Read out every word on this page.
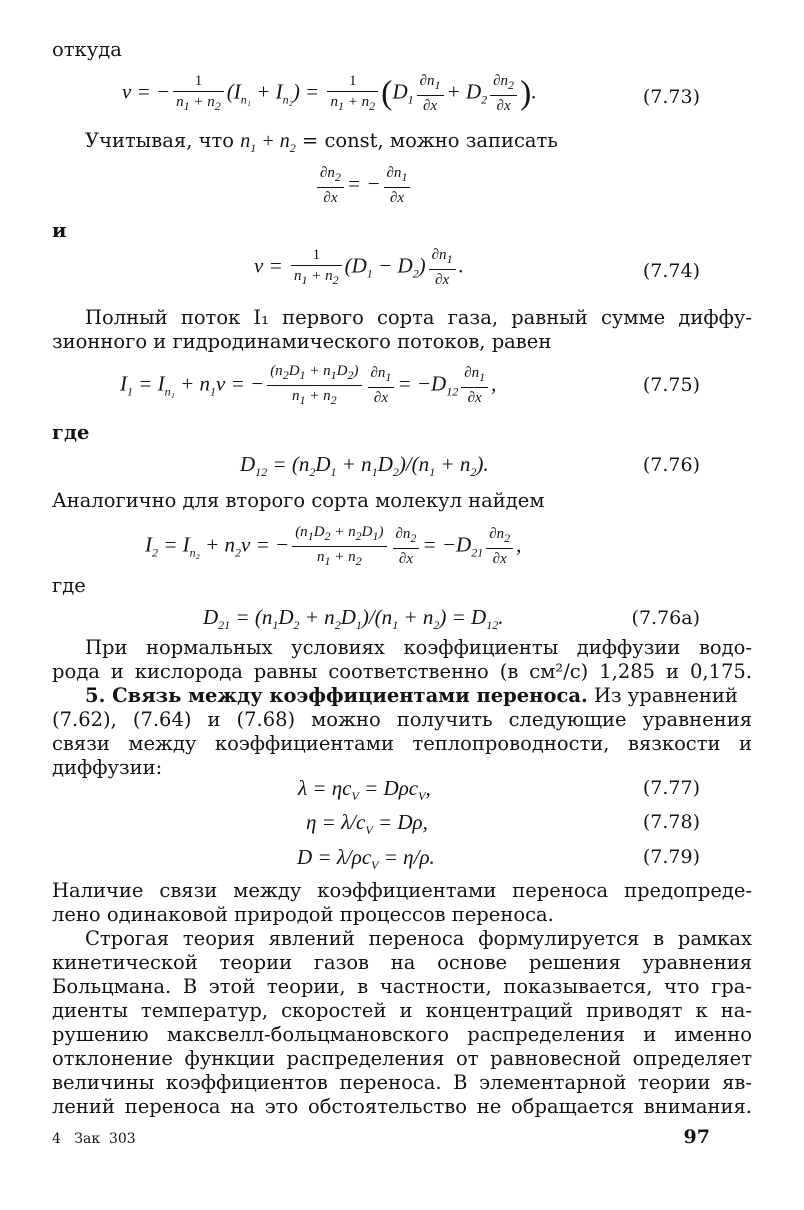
откуда
v = − $\frac{1}{n_1 + n_2} (I_{n_1} + I_{n_2}) = \frac{1}{n_1 + n_2} (D_1 \frac{\partial n_1}{\partial x} + D_2 \frac{\partial n_2}{\partial x}$ ).	(7.73)
Учитывая, что $n_1 + n_2$ = const, можно записать
$\frac{\partial n_2}{\partial x}$ = − $\frac{\partial n_1}{\partial x}$
и
$v = \frac{1}{n_1 + n_2} (D_1 - D_2) \frac{\partial n_1}{\partial x}$ .	(7.74)
Полный поток I₁ первого сорта газа, равный сумме диффу-
зионного и гидродинамического потоков, равен
$I_1 = I_{n_1} + n_1v$ = − $\frac{(n_2D_1 + n_1D_2)}{n_1 + n_2} \frac{\partial n_1}{\partial x} = -D_{12} \frac{\partial n_1}{\partial x}$ ,	(7.75)
где
$D_{12} = (n_2D_1 + n_1D_2)/(n_1 + n_2)$.	(7.76)
Аналогично для второго сорта молекул найдем
$I_2 = I_{n_2} + n_2v$ = − $\frac{(n_1D_2 + n_2D_1)}{n_1 + n_2} \frac{\partial n_2}{\partial x} = -D_{21} \frac{\partial n_2}{\partial x}$ ,
где
$D_{21} = (n_1D_2 + n_2D_1)/(n_1 + n_2) = D_{12}$.	(7.76а)
При нормальных условиях коэффициенты диффузии водо-
рода и кислорода равны соответственно (в см²/с) 1,285 и 0,175.
5. Связь между коэффициентами переноса. Из уравнений
(7.62), (7.64) и (7.68) можно получить следующие уравнения
связи между коэффициентами теплопроводности, вязкости и
диффузии:
$\lambda = \eta c_V = D\rho c_V$,	(7.77)
$\eta = \lambda/c_V = D\rho$,	(7.78)
$D = \lambda/\rho c_V = \eta/\rho$.	(7.79)
Наличие связи между коэффициентами переноса предопреде-
лено одинаковой природой процессов переноса.
Строгая теория явлений переноса формулируется в рамках
кинетической теории газов на основе решения уравнения
Больцмана. В этой теории, в частности, показывается, что гра-
диенты температур, скоростей и концентраций приводят к на-
рушению максвелл-больцмановского распределения и именно
отклонение функции распределения от равновесной определяет
величины коэффициентов переноса. В элементарной теории яв-
лений переноса на это обстоятельство не обращается внимания.
4   Зак  303	97
